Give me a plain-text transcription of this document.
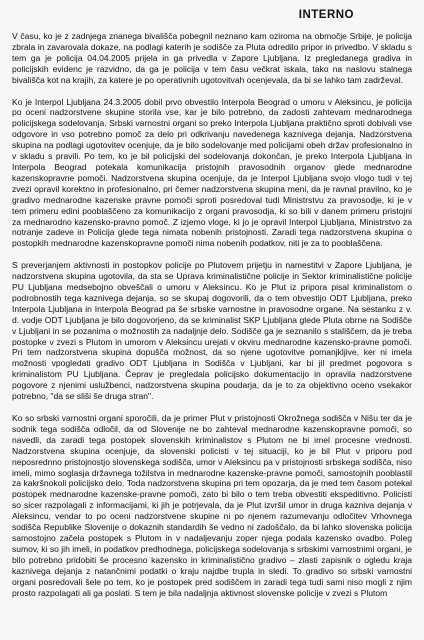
INTERNO

V času, ko je z zadnjega znanega bivališča pobegnil neznano kam oziroma na območje Srbije, je policija zbrala in zavarovala dokaze, na podlagi katerih je sodišče za Pluta odredilo pripor in privedbo. V skladu s tem ga je policija 04.04.2005 prijela in ga privedla v Zapore Ljubljana. Iz pregledanega gradiva in policijskih evidenc je razvidno, da ga je policija v tem času večkrat iskala, tako na naslovu stalnega bivališča kot na krajih, za katere je po operativnih ugotovitvah ocenjevala, da bi se lahko tam zadrževal.

Ko je Interpol Ljubljana 24.3.2005 dobil prvo obvestilo Interpola Beograd o umoru v Aleksincu, je policija po oceni nadzorstvene skupine storila vse, kar je bilo potrebno, da zadosti zahtevam mednarodnega policijskega sodelovanja. Srbski varnostni organi so preko Interpola Ljubljana praktično sproti dobivali vse odgovore in vso potrebno pomoč za delo pri odkrivanju navedenega kaznivega dejanja. Nadzorstvena skupina na podlagi ugotovitev ocenjuje, da je bilo sodelovanje med policijami obeh držav profesionalno in v skladu s pravili. Po tem, ko je bil policijski del sodelovanja dokončan, je preko Interpola Ljubljana in Interpola Beograd potekala komunikacija pristojnih pravosodnih organov glede mednarodne kazenskopravne pomoči. Nadzorstvena skupina ocenjuje, da je Interpol Ljubljana svojo vlogo tudi v tej zvezi opravil korektno in profesionalno, pri čemer nadzorstvena skupina meni, da je ravnal pravilno, ko je gradivo mednarodne kazenske pravne pomoči sproti posredoval tudi Ministrstvu za pravosodje, ki je v tem primeru edini pooblaščeno za komunikacijo z organi pravosodja, ki so bili v danem primeru pristojni za mednarodno kazensko-pravno pomoč. Z izjemo vloge, ki jo je opravil Interpol Ljubljana, Ministrstvo za notranje zadeve in Policija glede tega nimata nobenih pristojnosti. Zaradi tega nadzorstvena skupina o postopkih mednarodne kazenskopravne pomoči nima nobenih podatkov, niti je za to pooblaščena.

S preverjanjem aktivnosti in postopkov policije po Plutovem prijetju in namestitvi v Zapore Ljubljana, je nadzorstvena skupina ugotovila, da sta se Uprava kriminalistične policije in Sektor kriminalistične policije PU Ljubljana medsebojno obveščali o umoru v Aleksincu. Ko je Plut iz pripora pisal kriminalistom o podrobnostih tega kaznivega dejanja, so se skupaj dogovorili, da o tem obvestijo ODT Ljubljana, preko Interpola Ljubljana in Interpola Beograd pa še srbske varnostne in pravosodne organe. Na sestanku z v. d. vodje ODT Ljubljana je bilo dogovorjeno, da se kriminalist SKP Ljubljana glede Pluta obrne na Sodišče v Ljubljani in se pozanima o možnostih za nadaljnje delo. Sodišče ga je seznanilo s stališčem, da je treba postopke v zvezi s Plutom in umorom v Aleksincu urejati v okviru mednarodne kazensko-pravne pomoči. Pri tem nadzorstvena skupina dopušča možnost, da so njene ugotovitve pomanjkljive, ker ni imela možnosti vpogledati gradivo ODT Ljubljana in Sodišča v Ljubljani, kar bi jil predmet pogovora s kriminalistom PU Ljubljana. Čeprav je pregledala policijsko dokumentacijo in opravila nadzorstvene pogovore z njenimi uslužbenci, nadzorstvena skupina poudarja, da je to za objektivno oceno vsekakor potrebno, "da se sliši še druga stran".

Ko so srbski varnostni organi sporočili, da je primer Plut v pristojnosti Okrožnega sodišča v Nišu ter da je sodnik tega sodišča odločil, da od Slovenije ne bo zahteval mednarodne kazenskopravne pomoči, so navedli, da zaradi tega postopek slovenskih kriminalistov s Plutom ne bi imel procesne vrednosti. Nadzorstvena skupina ocenjuje, da slovenski policisti v tej situaciji, ko je bil Plut v priporu pod neposrednno pristojnostjo slovenskega sodišča, umor v Aleksincu pa v pristojnosti srbskega sodišča, niso imeli, mimo soglasja državnega tožilstva in mednarodne kazenske-pravne pomoči, samostojnih pooblastil za kakršnokoli policijsko delo. Toda nadzorstvena skupina pri tem opozarja, da je med tem časom potekal postopek mednarodne kazenske-pravne pomoči, zato bi bilo o tem treba obvestiti ekspeditivno. Policisti so sicer razpolagali z informacijami, ki jih je potrjevala, da je Plut izvršil umor in druga kazniva dejanja v Aleksincu, vendar to po oceni nadzorstvene skupine ni po njenem razumevanju odločitev Vrhovnega sodišča Republike Slovenije o dokaznih standardih še vedno ni zadoščalo, da bi lahko slovenska policija samostojno začela postopek s Plutom in v nadaljevanju zoper njega podala kazensko ovadbo. Poleg sumov, ki so jih imeli, in podatkov predhodnega, policijskega sodelovanja s srbskimi varnostnimi organi, je bilo potrebno pridobiti še procesno kazensko in kriminalistično gradivo – zlasti zapisnik o ogledu kraja kaznivega dejanja z natančnimi podatki o kraju najdbe trupla in sledi. To gradivo so srbski varnostni organi posredovali šele po tem, ko je postopek pred sodiščem in zaradi tega tudi sami niso mogli z njim prosto razpolagati ali ga poslati. S tem je bila nadaljnja aktivnost slovenske policije v zvezi s Plutom
